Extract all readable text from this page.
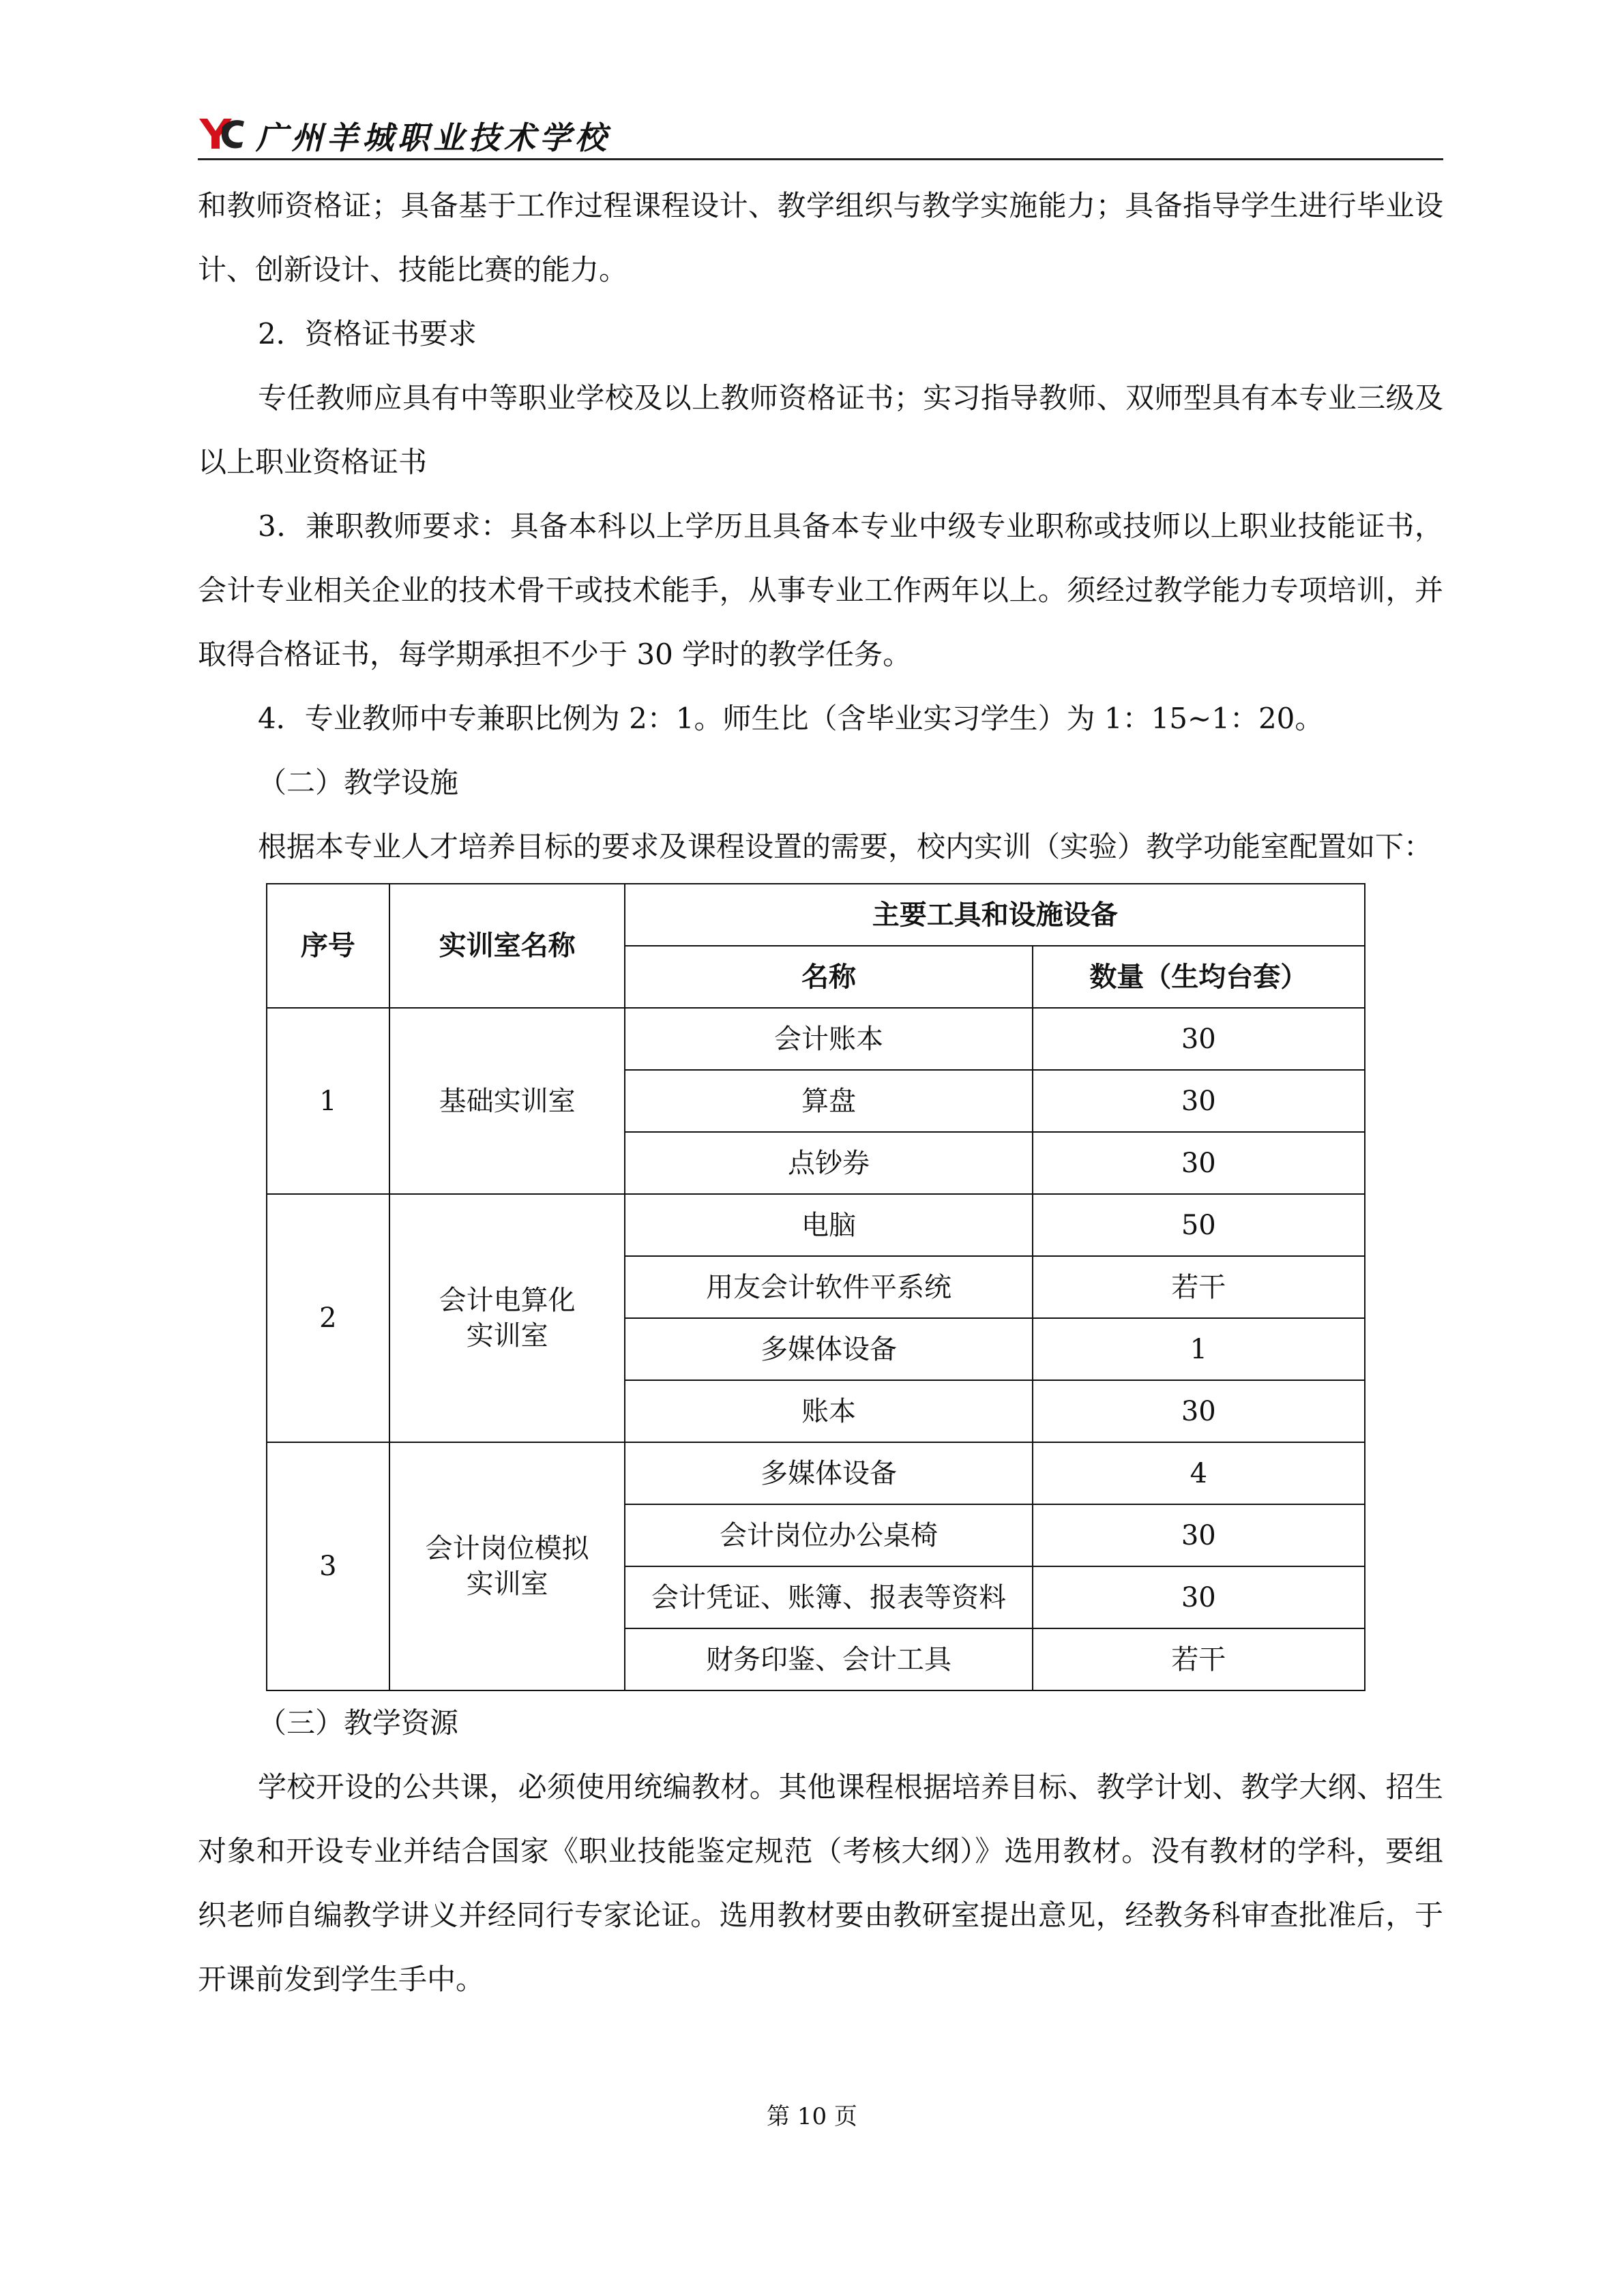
广州羊城职业技术学校

和教师资格证；具备基于工作过程课程设计、教学组织与教学实施能力；具备指导学生进行毕业设计、创新设计、技能比赛的能力。

2．资格证书要求

专任教师应具有中等职业学校及以上教师资格证书；实习指导教师、双师型具有本专业三级及以上职业资格证书

3．兼职教师要求：具备本科以上学历且具备本专业中级专业职称或技师以上职业技能证书，会计专业相关企业的技术骨干或技术能手，从事专业工作两年以上。须经过教学能力专项培训，并取得合格证书，每学期承担不少于 30 学时的教学任务。

4．专业教师中专兼职比例为 2：1。师生比（含毕业实习学生）为 1：15~1：20。

（二）教学设施

根据本专业人才培养目标的要求及课程设置的需要，校内实训（实验）教学功能室配置如下：

序号	实训室名称	主要工具和设施设备	
		名称	数量（生均台套）
1	基础实训室	会计账本	30
		算盘	30
		点钞券	30
2	会计电算化实训室	电脑	50
		用友会计软件平系统	若干
		多媒体设备	1
		账本	30
3	会计岗位模拟实训室	多媒体设备	4
		会计岗位办公桌椅	30
		会计凭证、账簿、报表等资料	30
		财务印鉴、会计工具	若干

（三）教学资源

学校开设的公共课，必须使用统编教材。其他课程根据培养目标、教学计划、教学大纲、招生对象和开设专业并结合国家《职业技能鉴定规范（考核大纲）》选用教材。没有教材的学科，要组织老师自编教学讲义并经同行专家论证。选用教材要由教研室提出意见，经教务科审查批准后，于开课前发到学生手中。

第 10 页
